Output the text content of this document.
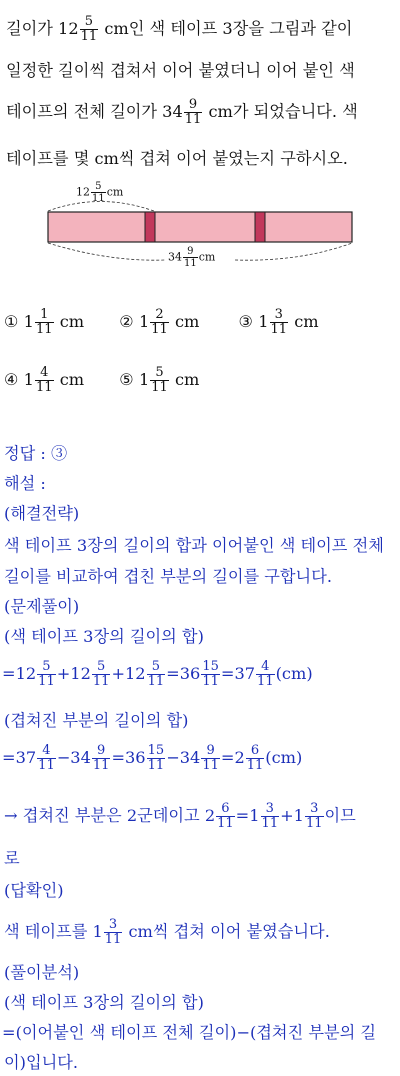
길이가 $12 \frac{5}{11}$ cm인 색 테이프 3장을 그림과 같이
일정한 길이씩 겹쳐서 이어 붙였더니 이어 붙인 색
테이프의 전체 길이가 $34 \frac{9}{11}$ cm가 되었습니다. 색
테이프를 몇 cm씩 겹쳐 이어 붙였는지 구하시오.
$12 \frac{5}{11}$ cm
$34 \frac{9}{11}$ cm
① $1 \frac{1}{11}$ cm ② $1 \frac{2}{11}$ cm ③ $1 \frac{3}{11}$ cm
④ $1 \frac{4}{11}$ cm ⑤ $1 \frac{5}{11}$ cm
정답 : ③
해설 :
(해결전략)
색 테이프 3장의 길이의 합과 이어붙인 색 테이프 전체
길이를 비교하여 겹친 부분의 길이를 구합니다.
(문제풀이)
(색 테이프 3장의 길이의 합)
$=12 \frac{5}{11} +12 \frac{5}{11} +12 \frac{5}{11} =36 \frac{15}{11} =37 \frac{4}{11} (cm)$
(겹쳐진 부분의 길이의 합)
$=37 \frac{4}{11} -34 \frac{9}{11} =36 \frac{15}{11} -34 \frac{9}{11} =2 \frac{6}{11} (cm)$
→ 겹쳐진 부분은 2군데이고 $2 \frac{6}{11} =1 \frac{3}{11} +1 \frac{3}{11}$ 이므
로
(답확인)
색 테이프를 $1 \frac{3}{11}$ cm씩 겹쳐 이어 붙였습니다.
(풀이분석)
(색 테이프 3장의 길이의 합)
=(이어붙인 색 테이프 전체 길이)−(겹쳐진 부분의 길
이)입니다.
